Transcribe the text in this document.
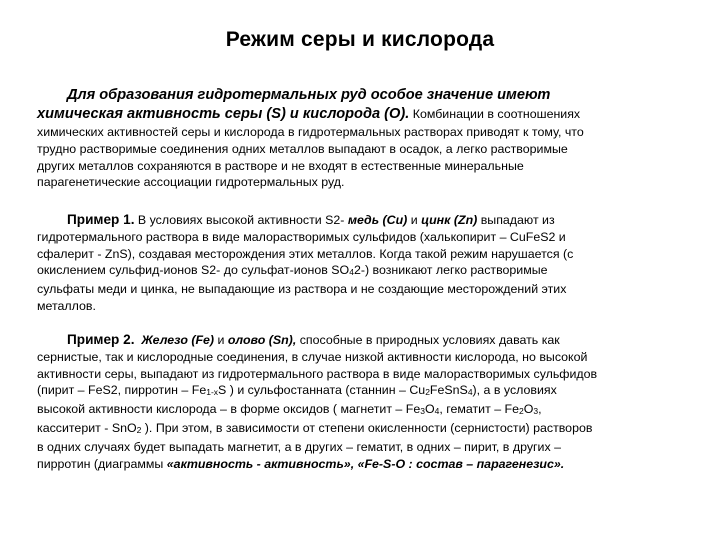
Режим серы и кислорода

Для образования гидротермальных руд особое значение имеют

химическая активность серы (S) и кислорода (O). Комбинации в соотношениях

химических активностей серы и кислорода в гидротермальных растворах приводят к тому, что

трудно растворимые соединения одних металлов выпадают в осадок, а легко растворимые

других металлов сохраняются в растворе и не входят в естественные минеральные

парагенетические ассоциации гидротермальных руд.

Пример 1. В условиях высокой активности S2- медь (Cu) и цинк (Zn) выпадают из

гидротермального раствора в виде малорастворимых сульфидов (халькопирит – CuFeS2 и

сфалерит - ZnS), создавая месторождения этих металлов. Когда такой режим нарушается (с

окислением сульфид-ионов S2- до сульфат-ионов SO42-) возникают легко растворимые

сульфаты меди и цинка, не выпадающие из раствора и не создающие месторождений этих

металлов.

Пример 2. Железо (Fe) и олово (Sn), способные в природных условиях давать как

сернистые, так и кислородные соединения, в случае низкой активности кислорода, но высокой

активности серы, выпадают из гидротермального раствора в виде малорастворимых сульфидов

(пирит – FeS2, пирротин – Fe1-xS ) и сульфостанната (станнин – Cu2FeSnS4), а в условиях

высокой активности кислорода – в форме оксидов ( магнетит – Fe3O4, гематит – Fe2O3,

касситерит - SnO2 ). При этом, в зависимости от степени окисленности (сернистости) растворов

в одних случаях будет выпадать магнетит, а в других – гематит, в одних – пирит, в других –

пирротин (диаграммы «активность - активность», «Fe-S-O : состав – парагенезис».
